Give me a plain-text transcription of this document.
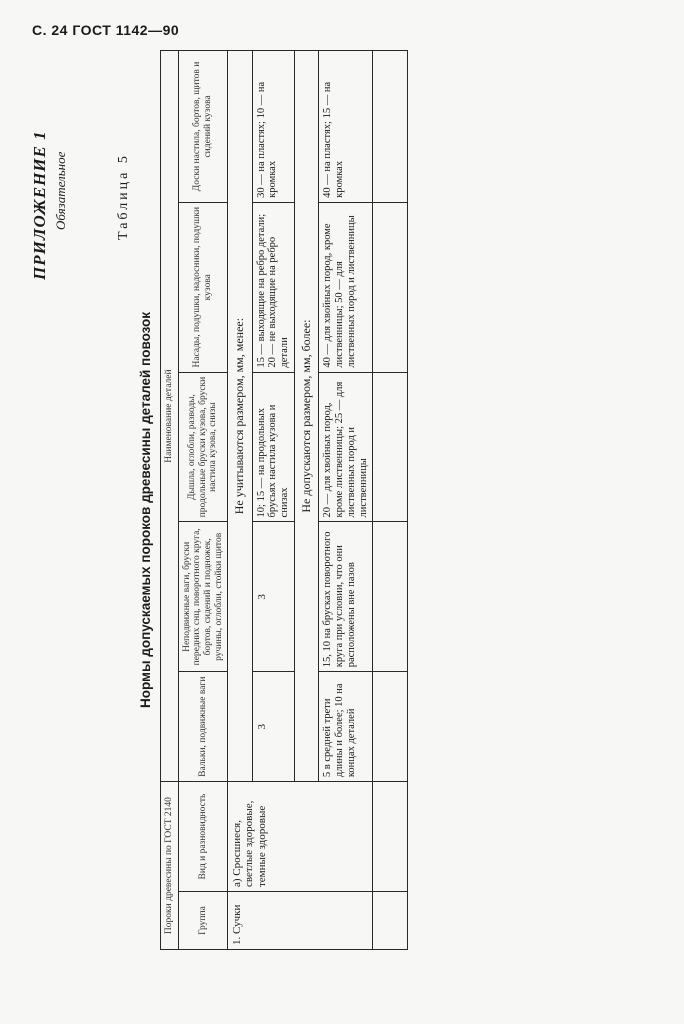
С. 24 ГОСТ 1142—90
ПРИЛОЖЕНИЕ 1 Обязательное	Таблица 5
Нормы допускаемых пороков древесины деталей повозок
Пороки древесины по ГОСТ 2140		Наименование деталей				
Группа	Вид и разновидность	Вальки, подвижные ваги	Неподвижные ваги, бруски передних снц, поворотного круга, бортов, сидений и подножек, ручины, оглобли, стойки щитов	Дышла, оглобли, разводы, продольные бруски кузова, бруски настила кузова, снизы	Насады, подушки, надосники, подушки кузова	Доски настила, бортов, щитов и сидений кузова
1. Сучки	а) Сросшиеся, светлые здоровые, темные здоровые	Не учитываются размером, мм, менее:				
		3	3	10; 15 — на продольных брусьях настила кузова и снизах	15 — выходящие на ребро детали; 20 — не выходящие на ребро детали	30 — на пластях; 10 — на кромках
		Не допускаются размером, мм, более:				
		5 в средней трети длины и более; 10 на концах деталей	15, 10 на брусках поворотного круга при условии, что они расположены вне пазов	20 — для хвойных пород, кроме лиственницы; 25 — для лиственных пород и лиственницы	40 — для хвойных пород, кроме лиственницы; 50 — для лиственных пород и лиственницы	40 — на пластях; 15 — на кромках
